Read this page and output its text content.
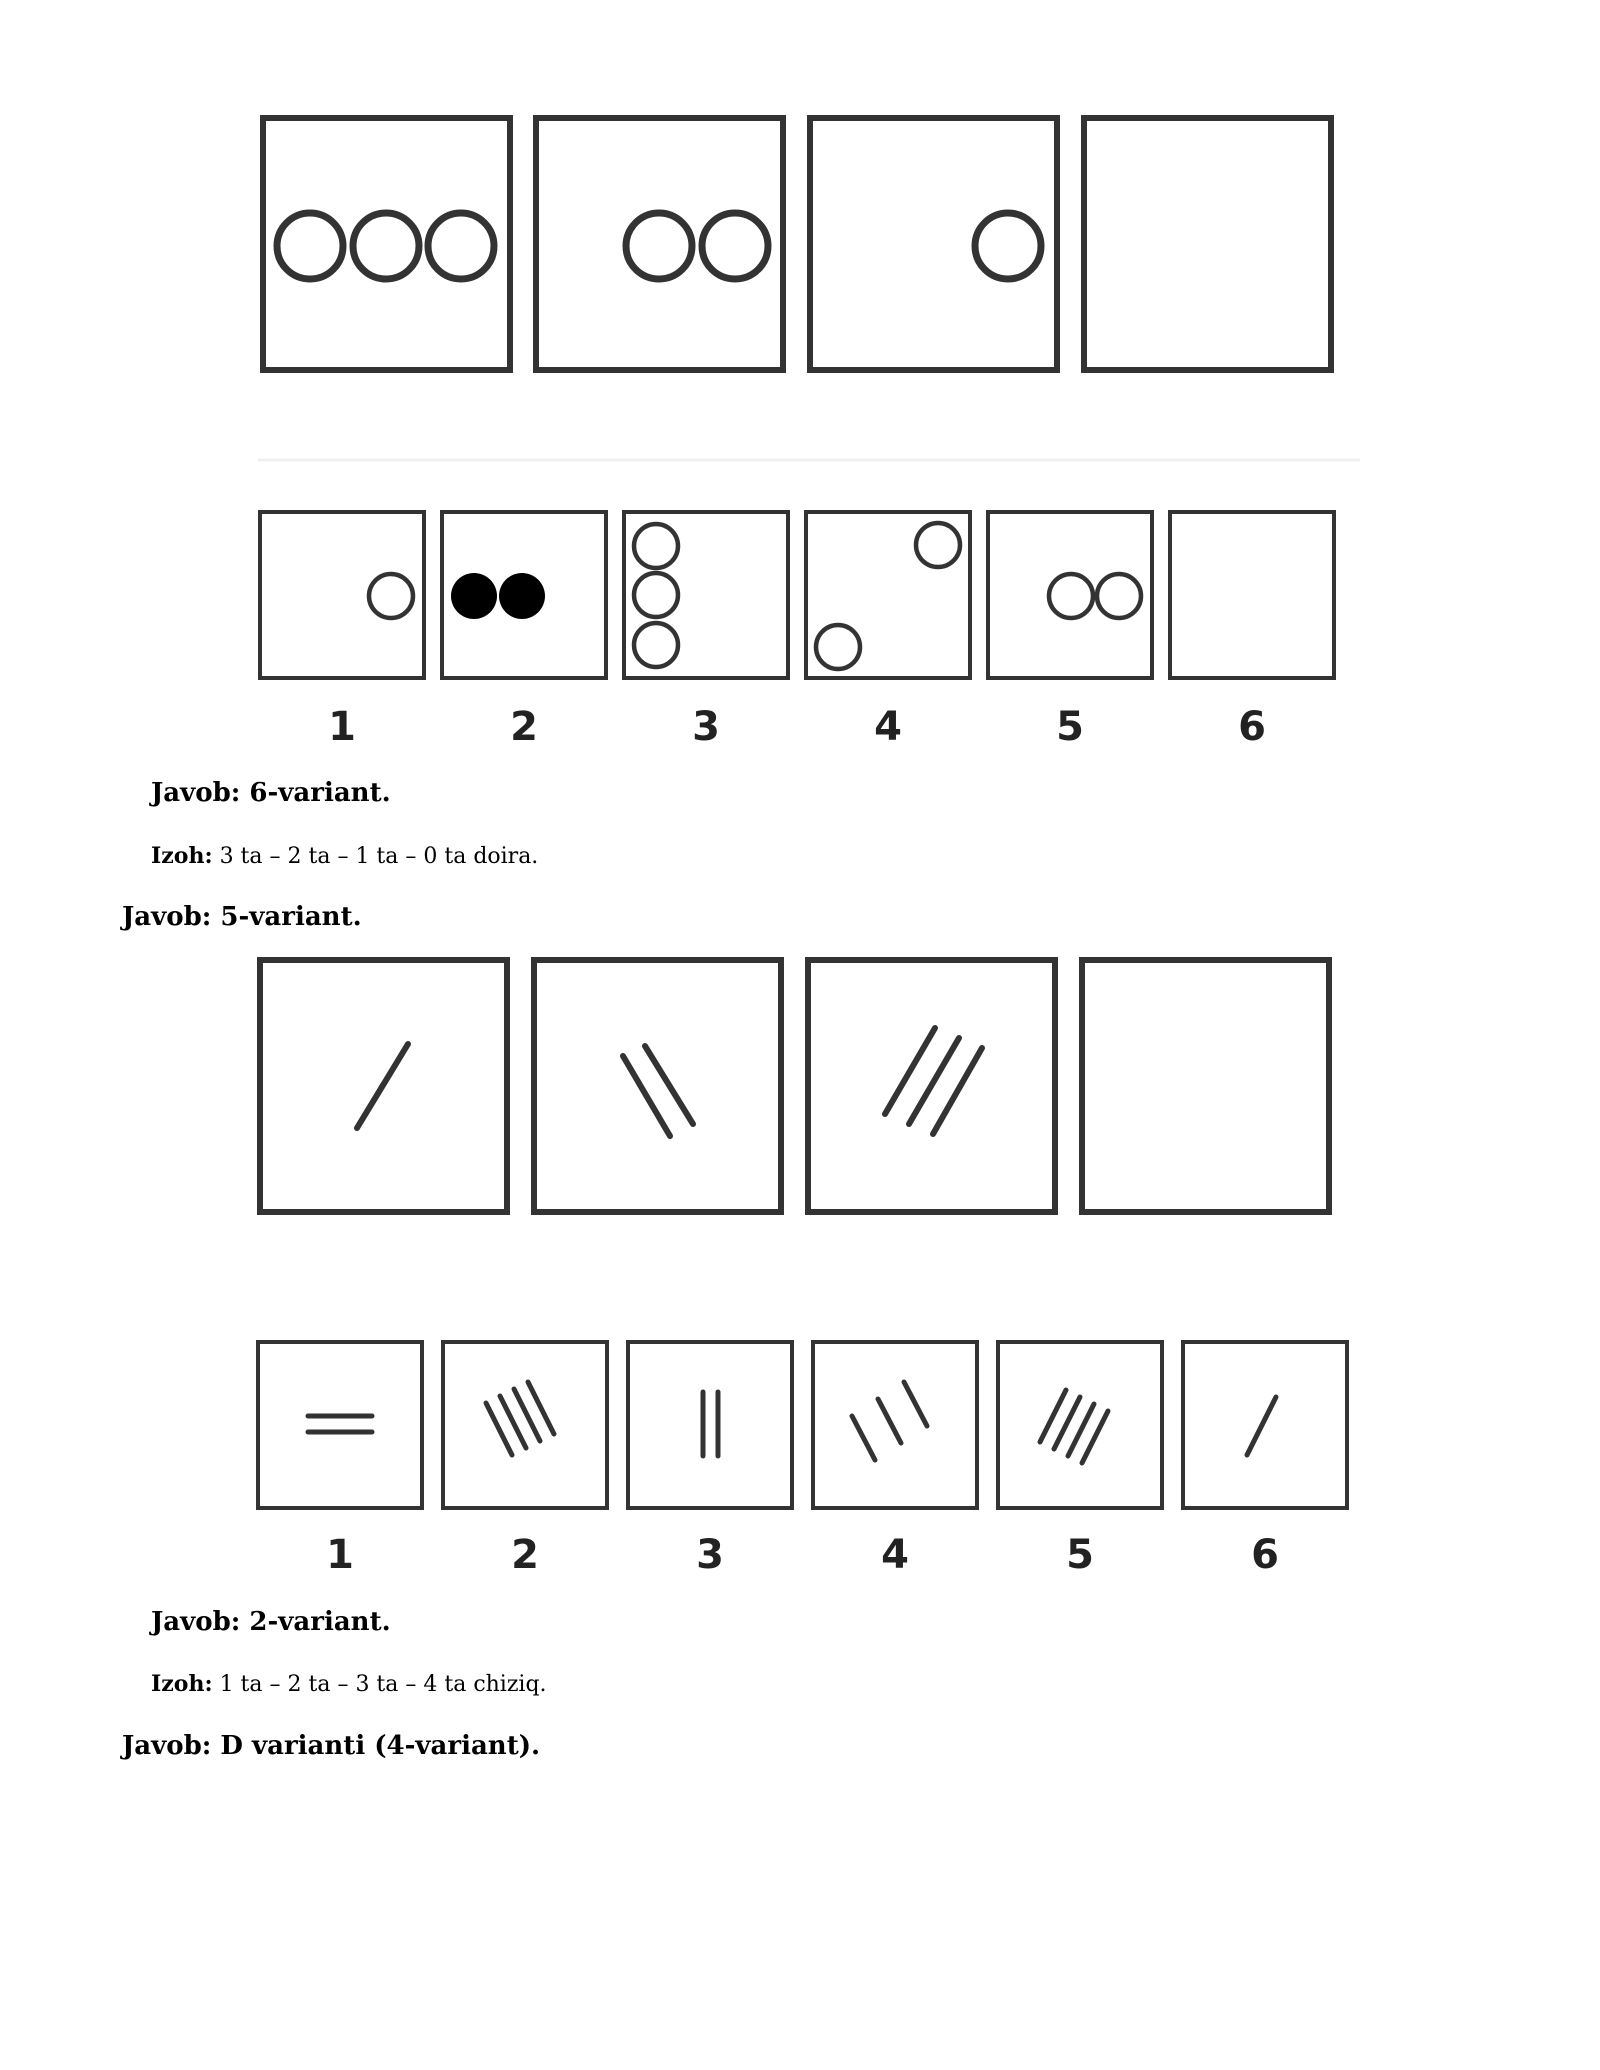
1	2	3	4	5	6
Javob: 6-variant.
Izoh: 3 ta – 2 ta – 1 ta – 0 ta doira.
Javob: 5-variant.
1	2	3	4	5	6
Javob: 2-variant.
Izoh: 1 ta – 2 ta – 3 ta – 4 ta chiziq.
Javob: D varianti (4-variant).
